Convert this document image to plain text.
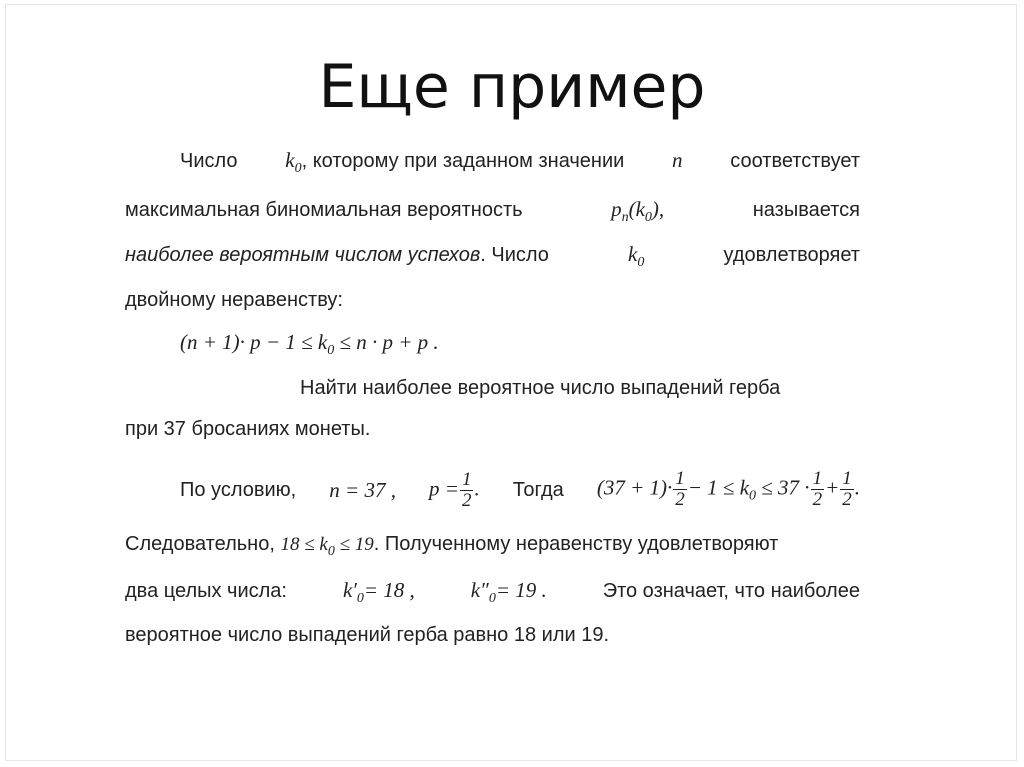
Еще пример
Число $k_0$, которому при заданном значении n соответствует
максимальная биномиальная вероятность	$p_n(k_0)$,	называется
наиболее вероятным числом успехов. Число	$k_0$	удовлетворяет
двойному неравенству:
$(n + 1)\cdot p - 1 \le k_0 \le n \cdot p + p$ .
Найти наиболее вероятное число выпадений герба
при 37 бросаниях монеты.
По условию, n = 37 , $p = \frac{1}{2}$ . Тогда $(37 + 1)\cdot \frac{1}{2} - 1 \le k_0 \le 37 \cdot \frac{1}{2} + \frac{1}{2}$ .
Следовательно, $18 \le k_0 \le 19$. Полученному неравенству удовлетворяют
два целых числа:	$k'_0= 18$ ,	$k''_0= 19$ .	Это означает, что наиболее
вероятное число выпадений герба равно 18 или 19.
